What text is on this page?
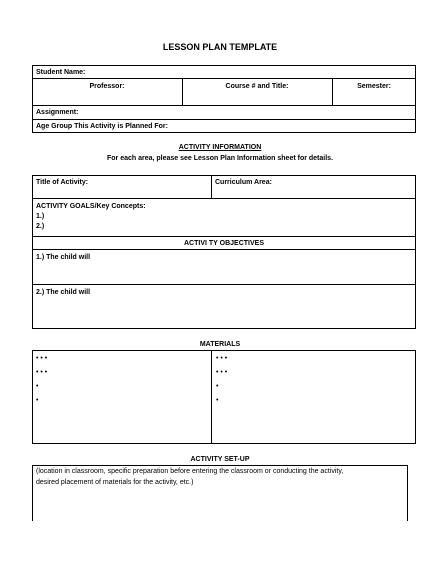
LESSON PLAN TEMPLATE
Student Name:
Professor:	Course # and Title:	Semester:
Assignment:
Age Group This Activity is Planned For:
ACTIVITY INFORMATION
For each area, please see Lesson Plan Information sheet for details.
Title of Activity:	Curriculum Area:
ACTIVITY GOALS/Key Concepts:
1.)
2.)
ACTIVI TY OBJECTIVES
1.) The child will
2.) The child will
MATERIALS
• • •
• • •
•
•
• • •
• • •
•
•
ACTIVITY SET-UP
(location in classroom, specific preparation before entering the classroom or conducting the activity,
desired placement of materials for the activity, etc.)
